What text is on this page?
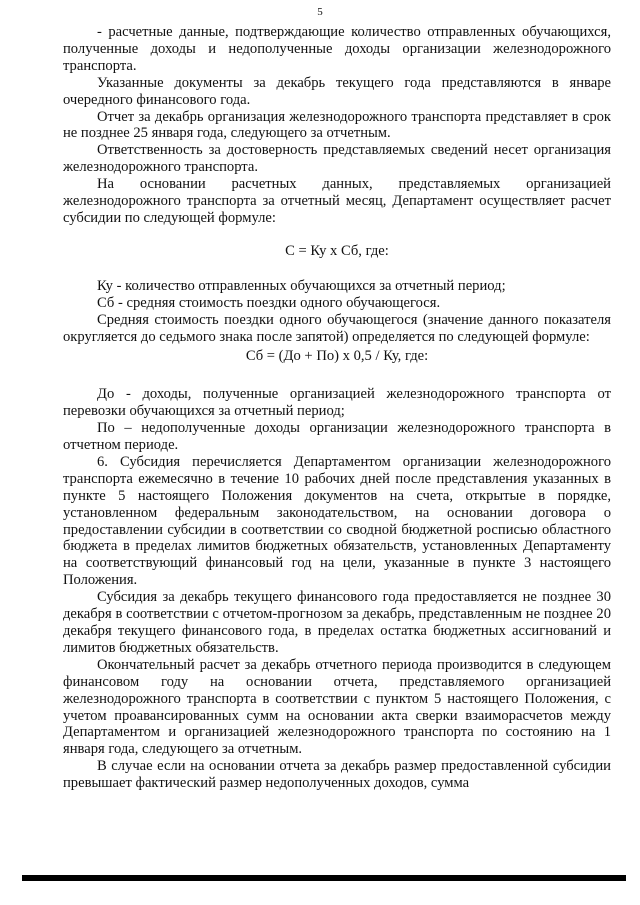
5

- расчетные данные, подтверждающие количество отправленных обучающихся, полученные доходы и недополученные доходы организации железнодорожного транспорта.

Указанные документы за декабрь текущего года представляются в январе очередного финансового года.

Отчет за декабрь организация железнодорожного транспорта представляет в срок не позднее 25 января года, следующего за отчетным.

Ответственность за достоверность представляемых сведений несет организация железнодорожного транспорта.

На основании расчетных данных, представляемых организацией железнодорожного транспорта за отчетный месяц, Департамент осуществляет расчет субсидии по следующей формуле:

С = Ку х Сб, где:

Ку - количество отправленных обучающихся за отчетный период;

Сб - средняя стоимость поездки одного обучающегося.

Средняя стоимость поездки одного обучающегося (значение данного показателя округляется до седьмого знака после запятой) определяется по следующей формуле:

Сб = (До + По) х 0,5 / Ку, где:

До - доходы, полученные организацией железнодорожного транспорта от перевозки обучающихся за отчетный период;

По – недополученные доходы организации железнодорожного транспорта в отчетном периоде.

6. Субсидия перечисляется Департаментом организации железнодорожного транспорта ежемесячно в течение 10 рабочих дней после представления указанных в пункте 5 настоящего Положения документов на счета, открытые в порядке, установленном федеральным законодательством, на основании договора о предоставлении субсидии в соответствии со сводной бюджетной росписью областного бюджета в пределах лимитов бюджетных обязательств, установленных Департаменту на соответствующий финансовый год на цели, указанные в пункте 3 настоящего Положения.

Субсидия за декабрь текущего финансового года предоставляется не позднее 30 декабря в соответствии с отчетом-прогнозом за декабрь, представленным не позднее 20 декабря текущего финансового года, в пределах остатка бюджетных ассигнований и лимитов бюджетных обязательств.

Окончательный расчет за декабрь отчетного периода производится в следующем финансовом году на основании отчета, представляемого организацией железнодорожного транспорта в соответствии с пунктом 5 настоящего Положения, с учетом проавансированных сумм на основании акта сверки взаиморасчетов между Департаментом и организацией железнодорожного транспорта по состоянию на 1 января года, следующего за отчетным.

В случае если на основании отчета за декабрь размер предоставленной субсидии превышает фактический размер недополученных доходов, сумма
